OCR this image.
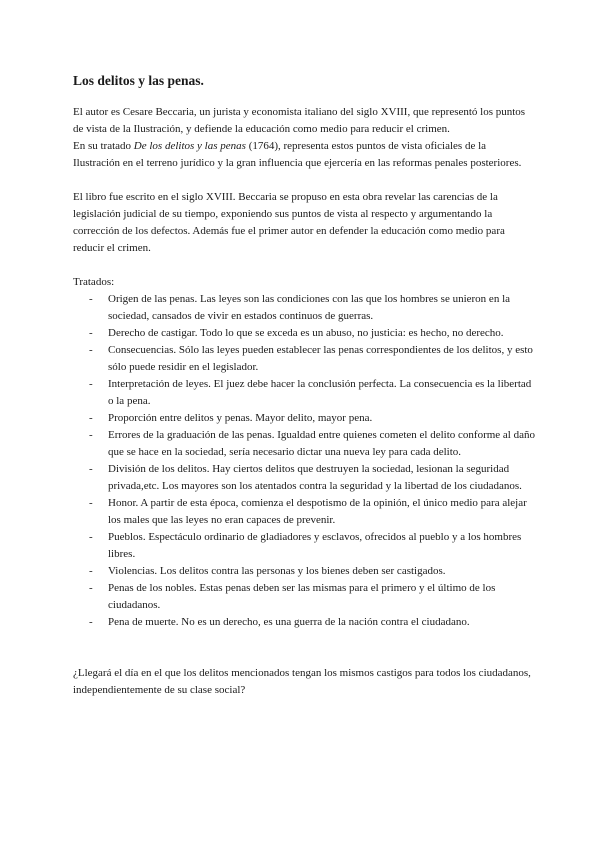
Los delitos y las penas.

El autor es Cesare Beccaria, un jurista y economista italiano del siglo XVIII, que representó los puntos de vista de la Ilustración, y defiende la educación como medio para reducir el crimen.

En su tratado De los delitos y las penas (1764), representa estos puntos de vista oficiales de la Ilustración en el terreno jurídico y la gran influencia que ejercería en las reformas penales posteriores.

El libro fue escrito en el siglo XVIII. Beccaria se propuso en esta obra revelar las carencias de la legislación judicial de su tiempo, exponiendo sus puntos de vista al respecto y argumentando la corrección de los defectos. Además fue el primer autor en defender la educación como medio para reducir el crimen.

Tratados:

- Origen de las penas. Las leyes son las condiciones con las que los hombres se unieron en la sociedad, cansados de vivir en estados continuos de guerras.
- Derecho de castigar. Todo lo que se exceda es un abuso, no justicia: es hecho, no derecho.
- Consecuencias. Sólo las leyes pueden establecer las penas correspondientes de los delitos, y esto sólo puede residir en el legislador.
- Interpretación de leyes. El juez debe hacer la conclusión perfecta. La consecuencia es la libertad o la pena.
- Proporción entre delitos y penas. Mayor delito, mayor pena.
- Errores de la graduación de las penas. Igualdad entre quienes cometen el delito conforme al daño que se hace en la sociedad, sería necesario dictar una nueva ley para cada delito.
- División de los delitos. Hay ciertos delitos que destruyen la sociedad, lesionan la seguridad privada,etc. Los mayores son los atentados contra la seguridad y la libertad de los ciudadanos.
- Honor. A partir de esta época, comienza el despotismo de la opinión, el único medio para alejar los males que las leyes no eran capaces de prevenir.
- Pueblos. Espectáculo ordinario de gladiadores y esclavos, ofrecidos al pueblo y a los hombres libres.
- Violencias. Los delitos contra las personas y los bienes deben ser castigados.
- Penas de los nobles. Estas penas deben ser las mismas para el primero y el último de los ciudadanos.
- Pena de muerte. No es un derecho, es una guerra de la nación contra el ciudadano.

¿Llegará el día en el que los delitos mencionados tengan los mismos castigos para todos los ciudadanos, independientemente de su clase social?
